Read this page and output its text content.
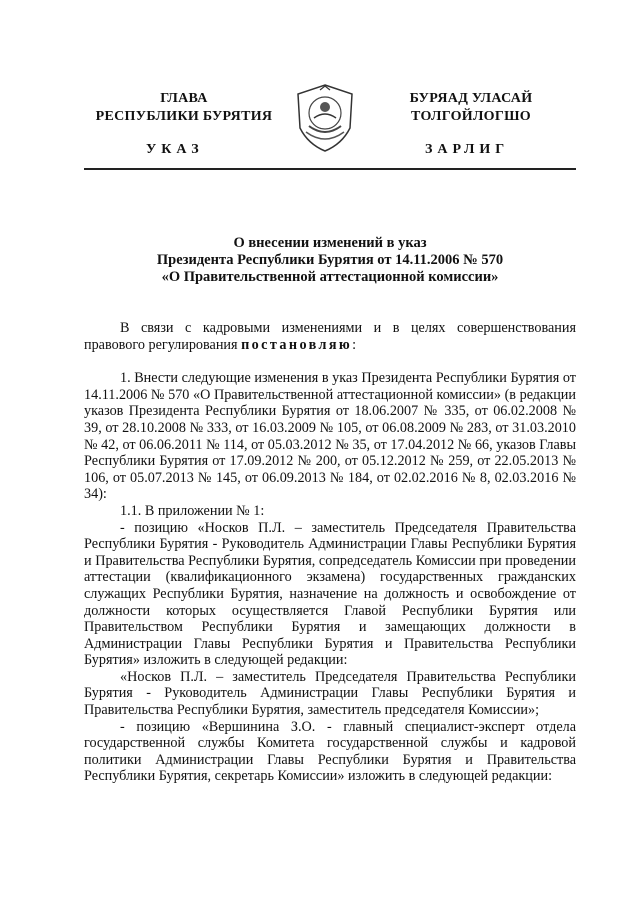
ГЛАВА
РЕСПУБЛИКИ БУРЯТИЯ
БУРЯАД УЛАСАЙ
ТОЛГОЙЛОГШО
УКАЗ	ЗАРЛИГ
О внесении изменений в указ
Президента Республики Бурятия от 14.11.2006 № 570
«О Правительственной аттестационной комиссии»

В связи с кадровыми изменениями и в целях совершенствования правового регулирования постановляю:

1. Внести следующие изменения в указ Президента Республики Бурятия от 14.11.2006 № 570 «О Правительственной аттестационной комиссии» (в редакции указов Президента Республики Бурятия от 18.06.2007 № 335, от 06.02.2008 № 39, от 28.10.2008 № 333, от 16.03.2009 № 105, от 06.08.2009 № 283, от 31.03.2010 № 42, от 06.06.2011 № 114, от 05.03.2012 № 35, от 17.04.2012 № 66, указов Главы Республики Бурятия от 17.09.2012 № 200, от 05.12.2012 № 259, от 22.05.2013 № 106, от 05.07.2013 № 145, от 06.09.2013 № 184, от 02.02.2016 № 8, 02.03.2016 № 34):

1.1. В приложении № 1:

- позицию «Носков П.Л. – заместитель Председателя Правительства Республики Бурятия - Руководитель Администрации Главы Республики Бурятия и Правительства Республики Бурятия, сопредседатель Комиссии при проведении аттестации (квалификационного экзамена) государственных гражданских служащих Республики Бурятия, назначение на должность и освобождение от должности которых осуществляется Главой Республики Бурятия или Правительством Республики Бурятия и замещающих должности в Администрации Главы Республики Бурятия и Правительства Республики Бурятия» изложить в следующей редакции:

«Носков П.Л. – заместитель Председателя Правительства Республики Бурятия - Руководитель Администрации Главы Республики Бурятия и Правительства Республики Бурятия, заместитель председателя Комиссии»;

- позицию «Вершинина З.О. - главный специалист-эксперт отдела государственной службы Комитета государственной службы и кадровой политики Администрации Главы Республики Бурятия и Правительства Республики Бурятия, секретарь Комиссии» изложить в следующей редакции:
